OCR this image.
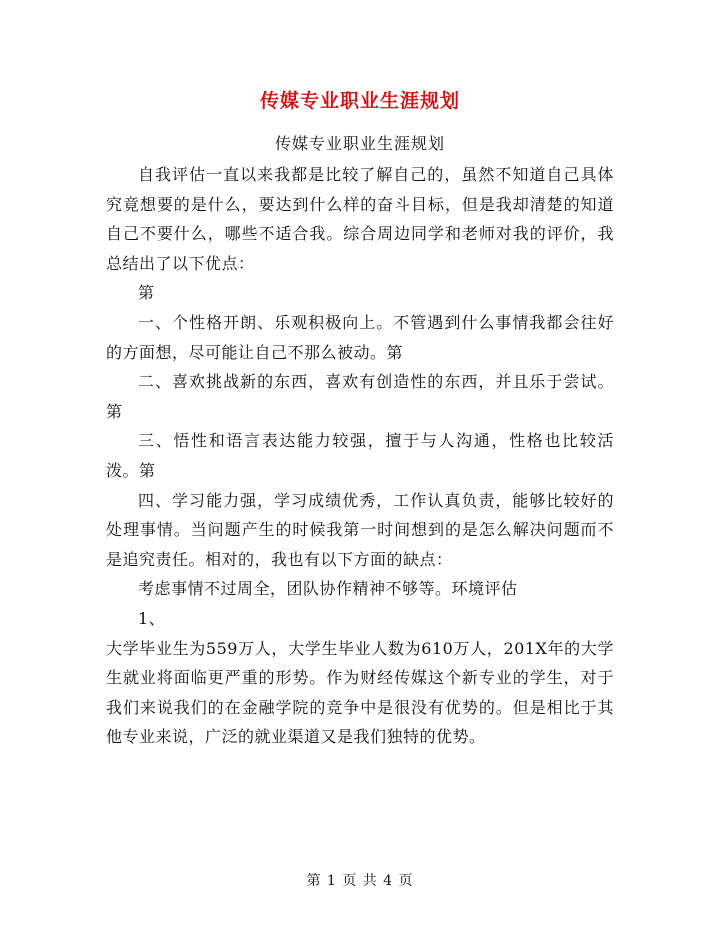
传媒专业职业生涯规划
传媒专业职业生涯规划

自我评估一直以来我都是比较了解自己的，虽然不知道自己具体究竟想要的是什么，要达到什么样的奋斗目标，但是我却清楚的知道自己不要什么，哪些不适合我。综合周边同学和老师对我的评价，我总结出了以下优点：

第

一、个性格开朗、乐观积极向上。不管遇到什么事情我都会往好的方面想，尽可能让自己不那么被动。第

二、喜欢挑战新的东西，喜欢有创造性的东西，并且乐于尝试。第

三、悟性和语言表达能力较强，擅于与人沟通，性格也比较活泼。第

四、学习能力强，学习成绩优秀，工作认真负责，能够比较好的处理事情。当问题产生的时候我第一时间想到的是怎么解决问题而不是追究责任。相对的，我也有以下方面的缺点：

考虑事情不过周全，团队协作精神不够等。环境评估

1、

大学毕业生为559万人，大学生毕业人数为610万人，201X年的大学生就业将面临更严重的形势。作为财经传媒这个新专业的学生，对于我们来说我们的在金融学院的竞争中是很没有优势的。但是相比于其他专业来说，广泛的就业渠道又是我们独特的优势。

第 1 页 共 4 页
